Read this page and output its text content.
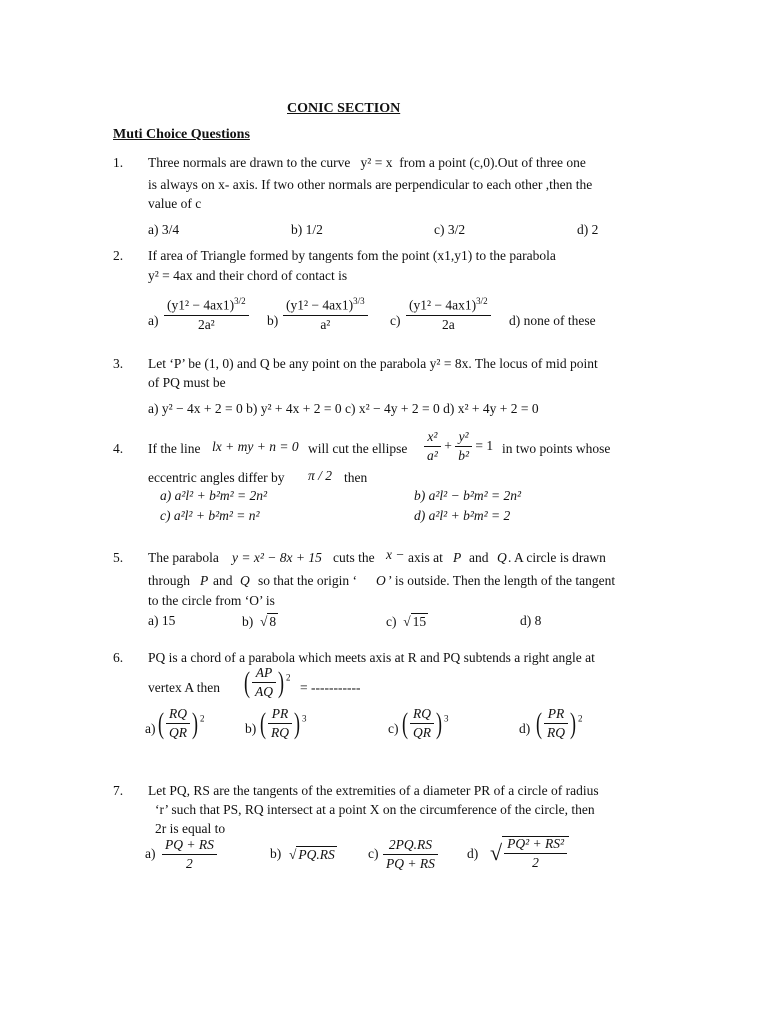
CONIC SECTION
Muti Choice Questions
1. Three normals are drawn to the curve y² = x from a point (c,0).Out of three one
is always on x- axis. If two other normals are perpendicular to each other ,then the
value of c
a) 3/4	b) 1/2	c) 3/2	d) 2
2. If area of Triangle formed by tangents fom the point (x1,y1) to the parabola
y² = 4ax and their chord of contact is
$a) \frac{(y1^2 - 4ax1)^{3/2}}{\text{2a²}} b) \frac{(y1^2 - 4ax1)^{3/3}}{\text{a²}} c) \frac{(y1^2 - 4ax1)^{3/2}}{2a} d$) none of these
3. Let ‘P’ be (1, 0) and Q be any point on the parabola y² = 8x. The locus of mid point
of PQ must be
a) y² − 4x + 2 = 0 b) y² + 4x + 2 = 0 c) x² − 4y + 2 = 0 d) x² + 4y + 2 = 0
4. If the line lx + my + n = 0 will cut the ellipse $\frac{\text{x²}}{\text{a²}} + \frac{\text{y²}}{\text{b²}} = 1$ in two points whose
eccentric angles differ by π / 2 then
a) a²l² + b²m² = 2n²	b) a²l² − b²m² = 2n²
c) a²l² + b²m² = n²	d) a²l² + b²m² = 2
5. The parabola y = x² − 8x + 15 cuts the x − axis at P and Q . A circle is drawn
through P and Q so that the origin ‘ O ’ is outside. Then the length of the tangent
to the circle from ‘O’ is
a) 15	b)  √ 8	c)  √ 15	d) 8
6. PQ is a chord of a parabola which meets axis at R and PQ subtends a right angle at
vertex A then ( $\frac{AP}{AQ}$ ) $^2$
= -----------
a) ( $\frac{RQ}{QR}$ ) $^2$
b) ( $\frac{PR}{RQ}$ ) $^3$
c) ( $\frac{RQ}{QR}$ ) $^3$
d) ( $\frac{PR}{RQ}$ ) $^2$
7. Let PQ, RS are the tangents of the extremities of a diameter PR of a circle of radius
‘r’ such that PS, RQ intersect at a point X on the circumference of the circle, then
2r is equal to
$a) \frac{PQ + RS}{2}$	b) √ PQ.RS $c) \frac{2PQ.RS}{PQ + RS} d$) √ $\frac{\text{PQ² + RS²}}{2}$
